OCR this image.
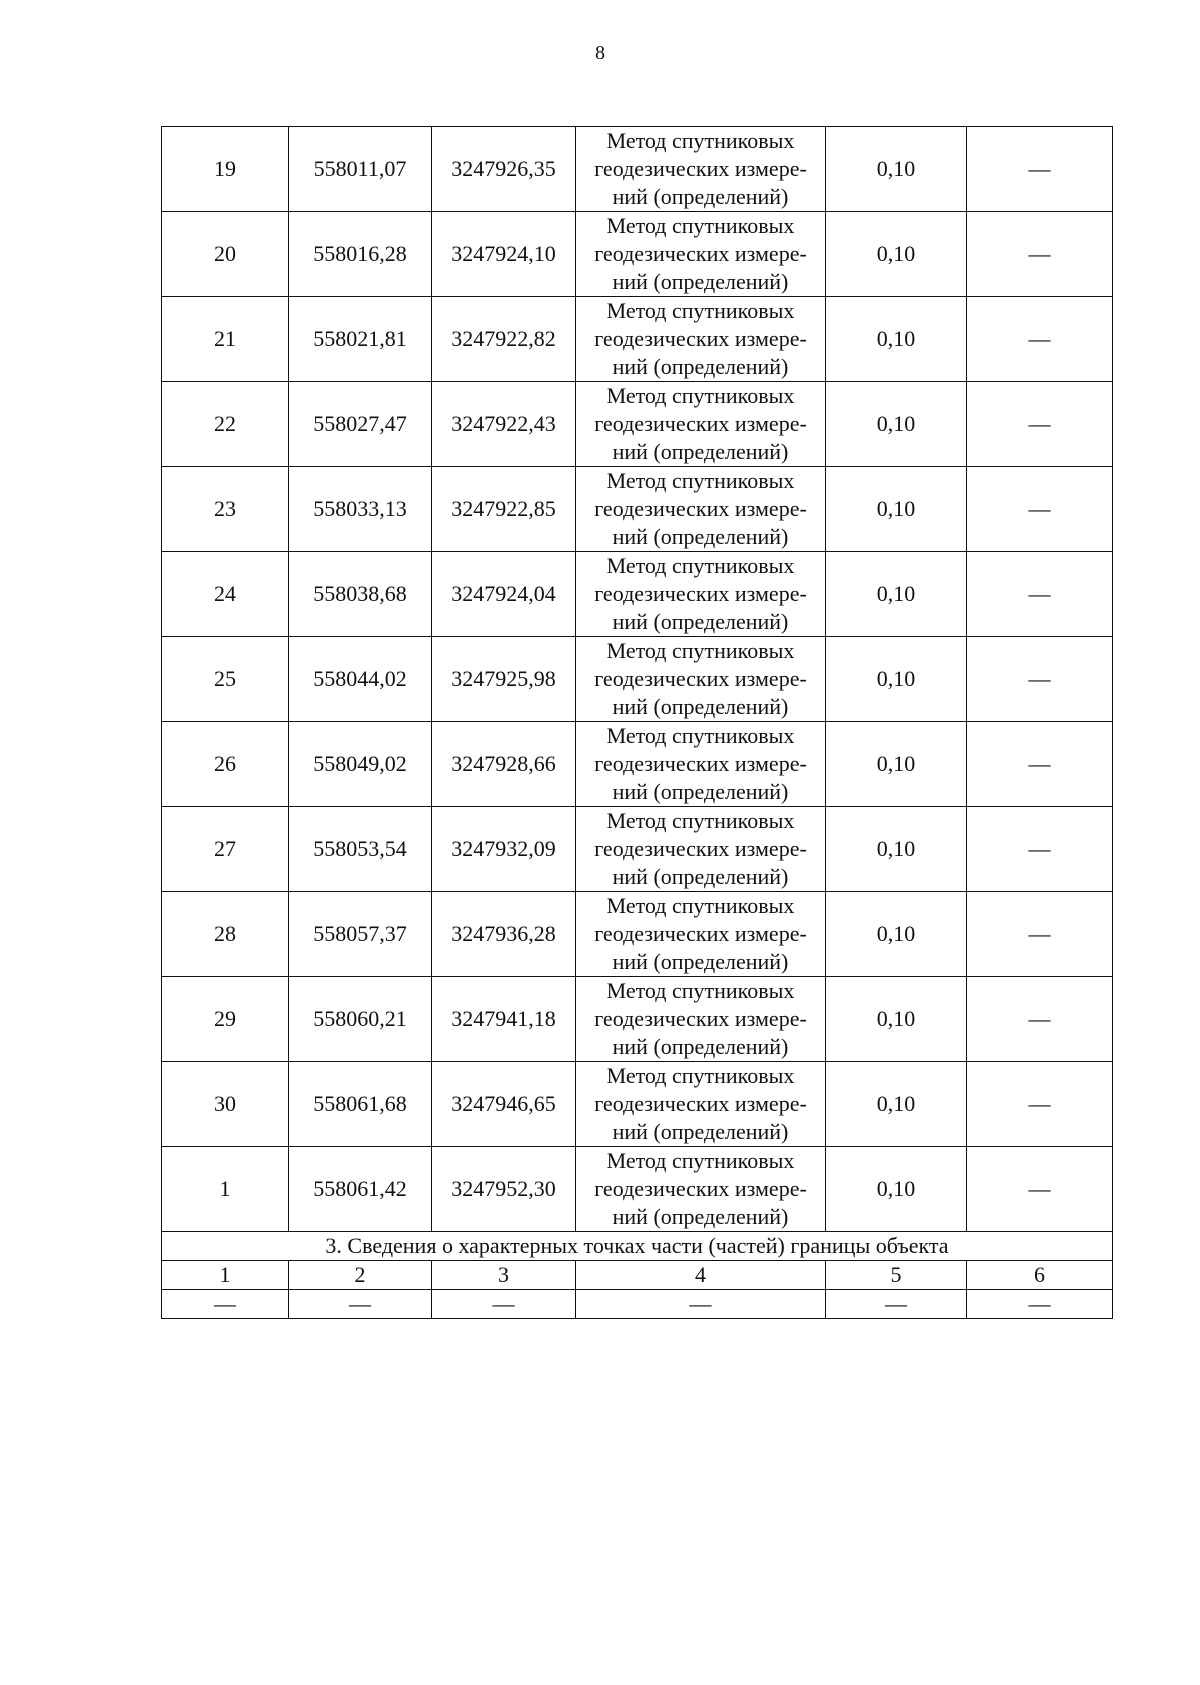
8
19	558011,07	3247926,35	Метод спутниковых
геодезических измере-
ний (определений)	0,10	—
20	558016,28	3247924,10	Метод спутниковых
геодезических измере-
ний (определений)	0,10	—
21	558021,81	3247922,82	Метод спутниковых
геодезических измере-
ний (определений)	0,10	—
22	558027,47	3247922,43	Метод спутниковых
геодезических измере-
ний (определений)	0,10	—
23	558033,13	3247922,85	Метод спутниковых
геодезических измере-
ний (определений)	0,10	—
24	558038,68	3247924,04	Метод спутниковых
геодезических измере-
ний (определений)	0,10	—
25	558044,02	3247925,98	Метод спутниковых
геодезических измере-
ний (определений)	0,10	—
26	558049,02	3247928,66	Метод спутниковых
геодезических измере-
ний (определений)	0,10	—
27	558053,54	3247932,09	Метод спутниковых
геодезических измере-
ний (определений)	0,10	—
28	558057,37	3247936,28	Метод спутниковых
геодезических измере-
ний (определений)	0,10	—
29	558060,21	3247941,18	Метод спутниковых
геодезических измере-
ний (определений)	0,10	—
30	558061,68	3247946,65	Метод спутниковых
геодезических измере-
ний (определений)	0,10	—
1	558061,42	3247952,30	Метод спутниковых
геодезических измере-
ний (определений)	0,10	—
3. Сведения о характерных точках части (частей) границы объекта					
1	2	3	4	5	6
—	—	—	—	—	—
